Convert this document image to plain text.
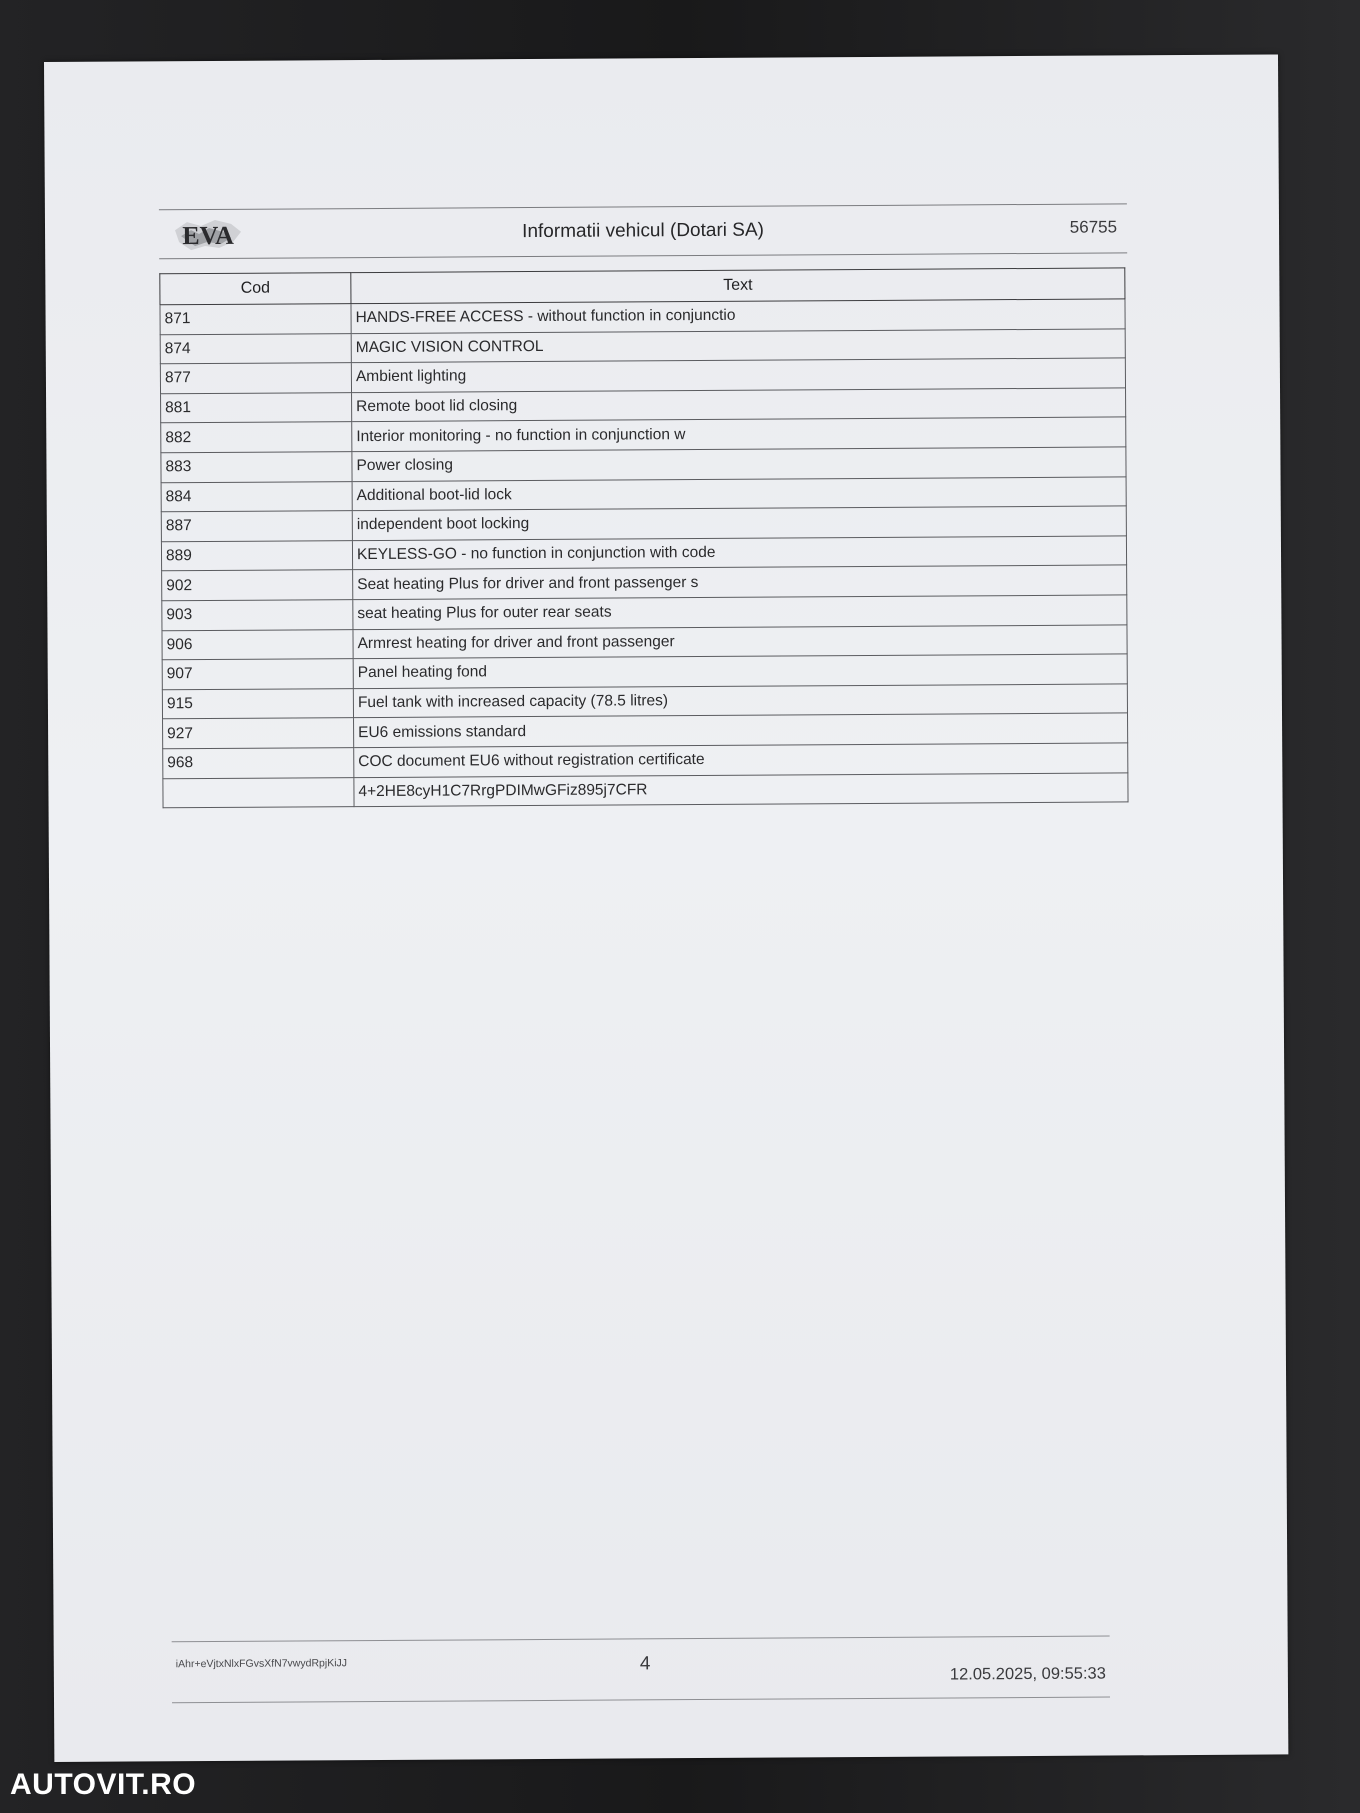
EVA	Informatii vehicul (Dotari SA)	56755
Cod	Text
871	HANDS-FREE ACCESS - without function in conjunctio
874	MAGIC VISION CONTROL
877	Ambient lighting
881	Remote boot lid closing
882	Interior monitoring - no function in conjunction w
883	Power closing
884	Additional boot-lid lock
887	independent boot locking
889	KEYLESS-GO - no function in conjunction with code
902	Seat heating Plus for driver and front passenger s
903	seat heating Plus for outer rear seats
906	Armrest heating for driver and front passenger
907	Panel heating fond
915	Fuel tank with increased capacity (78.5 litres)
927	EU6 emissions standard
968	COC document EU6 without registration certificate
	4+2HE8cyH1C7RrgPDIMwGFiz895j7CFR
iAhr+eVjtxNlxFGvsXfN7vwydRpjKiJJ	4	12.05.2025, 09:55:33
AUTOVIT.RO
